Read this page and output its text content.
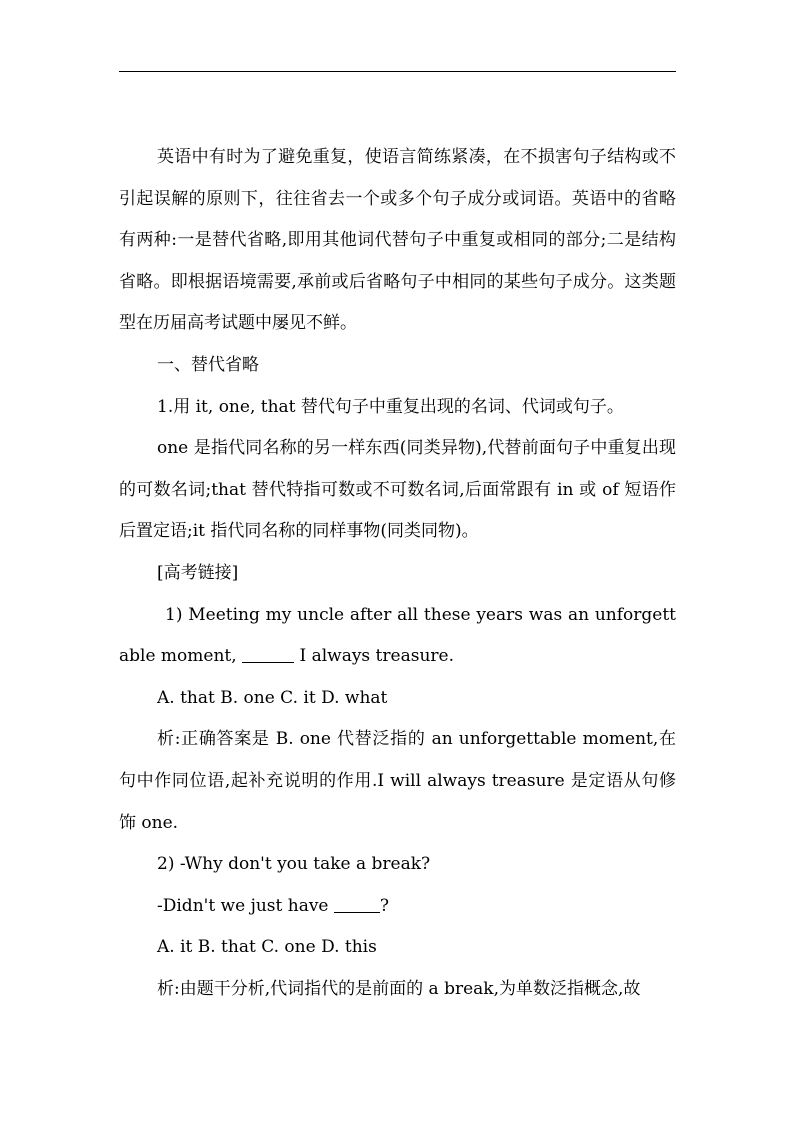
英语中有时为了避免重复，使语言简练紧凑，在不损害句子结构或不引起误解的原则下，往往省去一个或多个句子成分或词语。英语中的省略有两种:一是替代省略,即用其他词代替句子中重复或相同的部分;二是结构省略。即根据语境需要,承前或后省略句子中相同的某些句子成分。这类题型在历届高考试题中屡见不鲜。

一、替代省略

1.用 it, one, that 替代句子中重复出现的名词、代词或句子。

one 是指代同名称的另一样东西(同类异物),代替前面句子中重复出现的可数名词;that 替代特指可数或不可数名词,后面常跟有 in 或 of 短语作后置定语;it 指代同名称的同样事物(同类同物)。

[高考链接]

1) Meeting my uncle after all these years was an unforgettable moment,	I always treasure.

A. that B. one C. it D. what

析:正确答案是 B. one 代替泛指的 an unforgettable moment,在句中作同位语,起补充说明的作用.I will always treasure 是定语从句修饰 one.

2) -Why don't you take a break?

-Didn't we just have	?

A. it B. that C. one D. this

析:由题干分析,代词指代的是前面的 a break,为单数泛指概念,故
